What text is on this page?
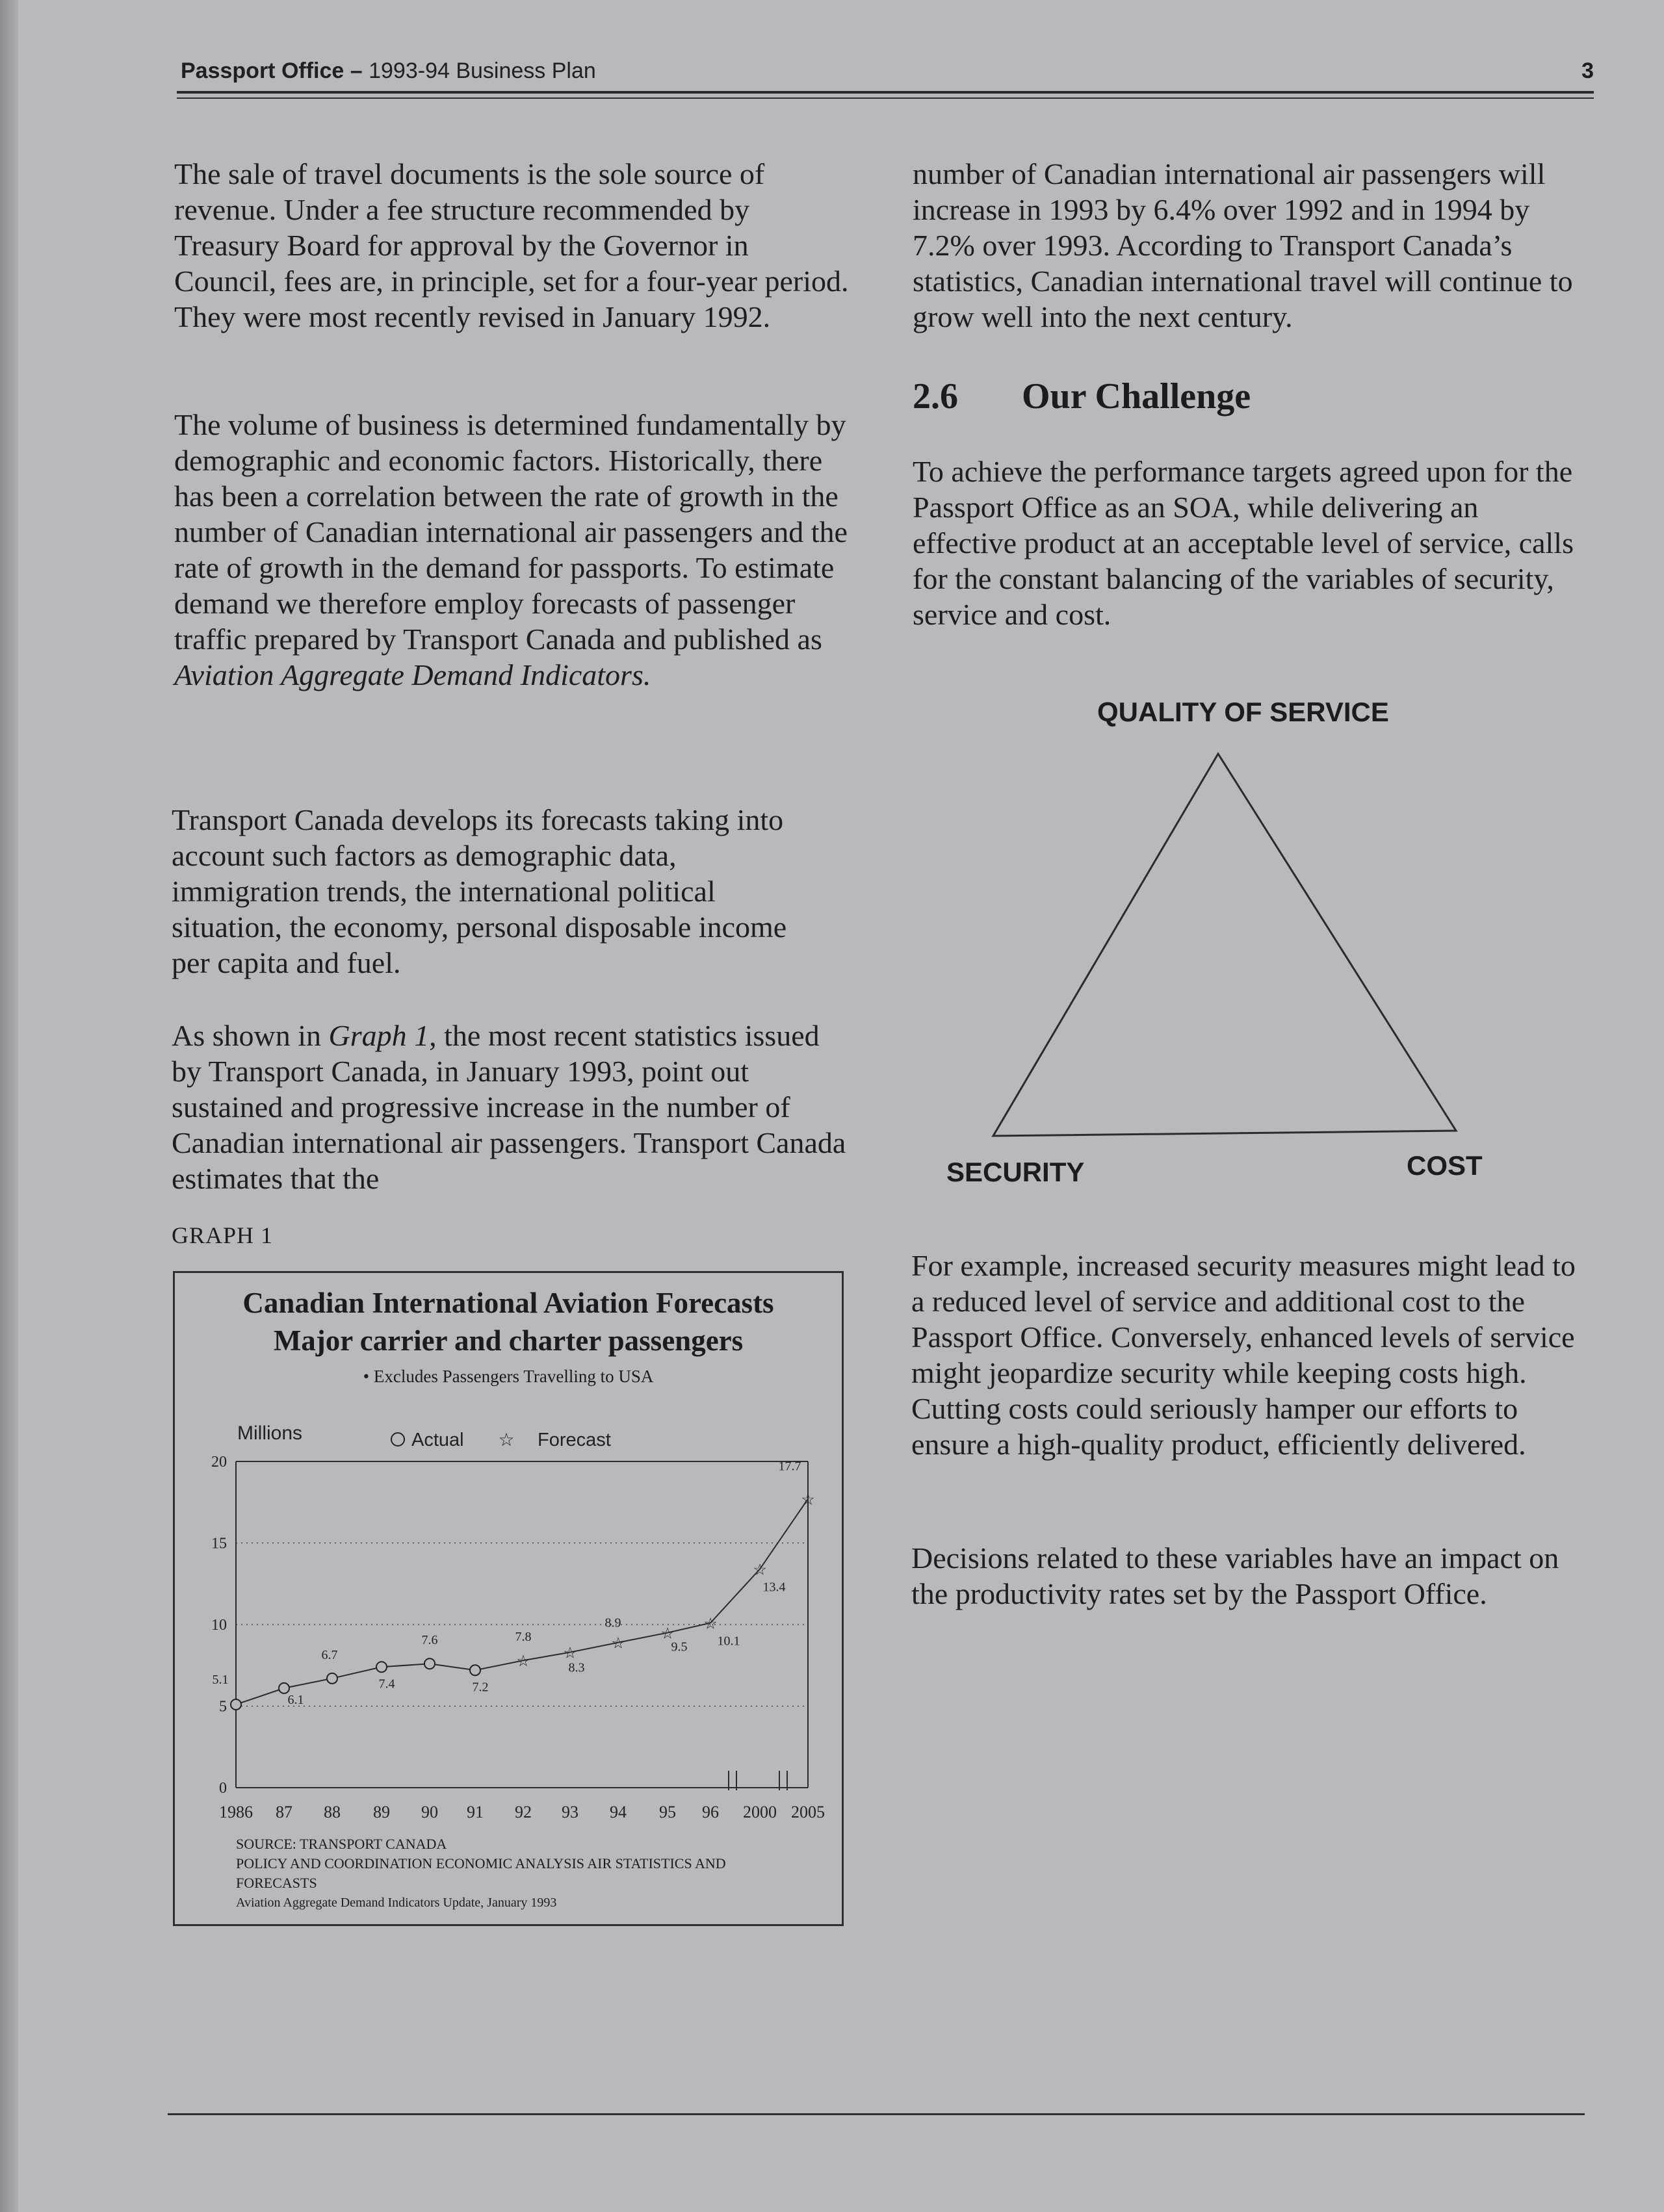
Passport Office – 1993-94 Business Plan	3

The sale of travel documents is the sole source of revenue. Under a fee structure recommended by Treasury Board for approval by the Governor in Council, fees are, in principle, set for a four-year period. They were most recently revised in January 1992.

The volume of business is determined fundamentally by demographic and economic factors. Historically, there has been a correlation between the rate of growth in the number of Canadian international air passengers and the rate of growth in the demand for passports. To estimate demand we therefore employ forecasts of passenger traffic prepared by Transport Canada and published as Aviation Aggregate Demand Indicators.

Transport Canada develops its forecasts taking into account such factors as demographic data, immigration trends, the international political situation, the economy, personal disposable income per capita and fuel.

As shown in Graph 1, the most recent statistics issued by Transport Canada, in January 1993, point out sustained and progressive increase in the number of Canadian international air passengers. Transport Canada estimates that the

GRAPH 1
Canadian International Aviation Forecasts
Major carrier and charter passengers
• Excludes Passengers Travelling to USA
20
15
10
5
0
Millions	Actual ☆ Forecast
1986 87 88 89 90 91 92 93 94 95 96 2000 2005
5.1
6.1
6.7
7.4
7.6
7.2
☆
7.8
☆
8.3
☆
8.9
☆
9.5
☆
10.1
☆
13.4
☆
17.7
SOURCE: TRANSPORT CANADA
POLICY AND COORDINATION ECONOMIC ANALYSIS AIR STATISTICS AND
FORECASTS
Aviation Aggregate Demand Indicators Update, January 1993

number of Canadian international air passengers will increase in 1993 by 6.4% over 1992 and in 1994 by 7.2% over 1993. According to Transport Canada’s statistics, Canadian international travel will continue to grow well into the next century.

2.6 Our Challenge

To achieve the performance targets agreed upon for the Passport Office as an SOA, while delivering an effective product at an acceptable level of service, calls for the constant balancing of the variables of security, service and cost.

QUALITY OF SERVICE
SECURITY	COST

For example, increased security measures might lead to a reduced level of service and additional cost to the Passport Office. Conversely, enhanced levels of service might jeopardize security while keeping costs high. Cutting costs could seriously hamper our efforts to ensure a high-quality product, efficiently delivered.

Decisions related to these variables have an impact on the productivity rates set by the Passport Office.
